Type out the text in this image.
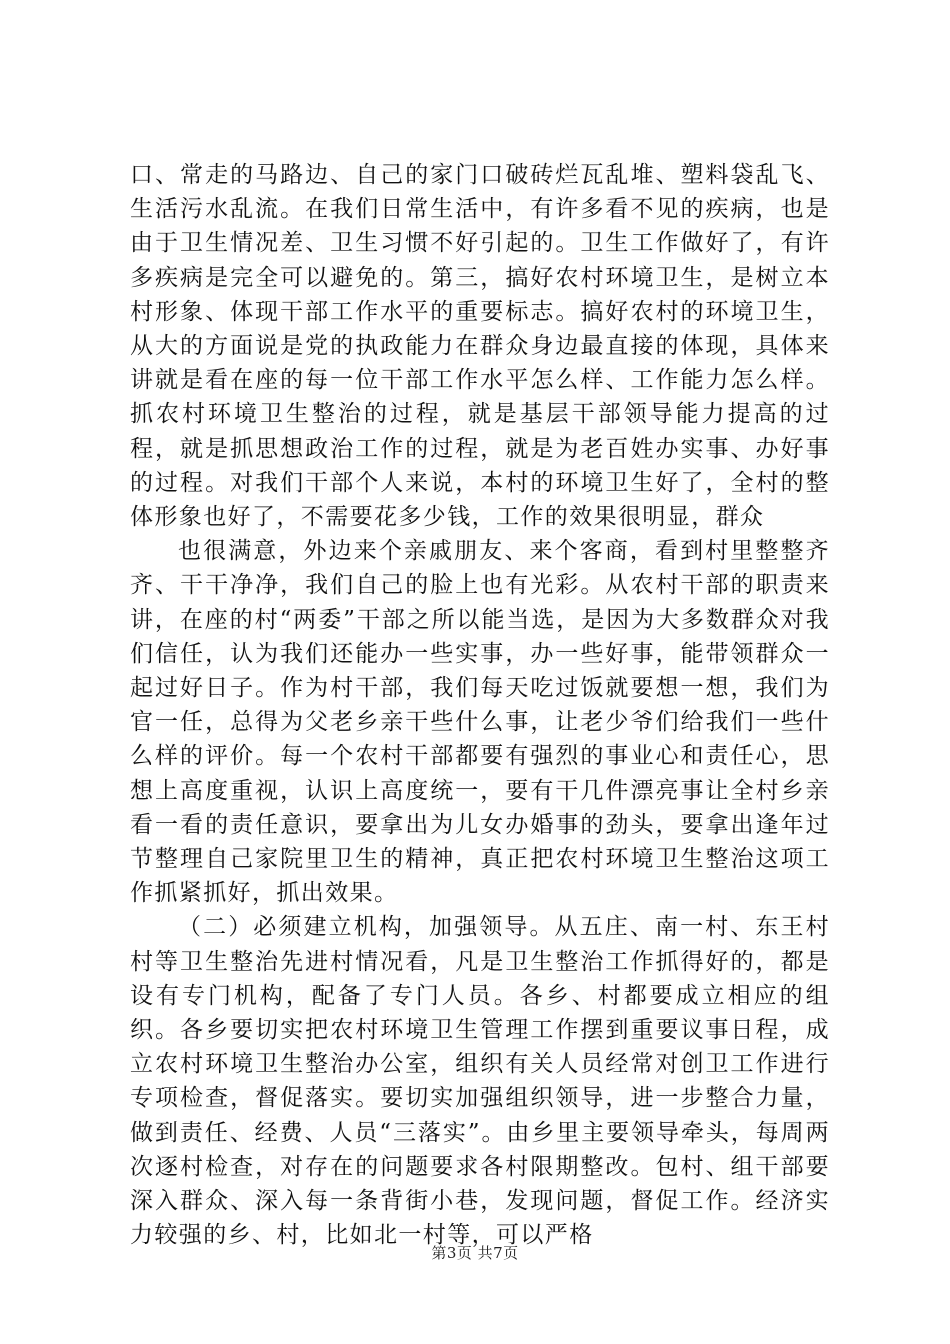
口、常走的马路边、自己的家门口破砖烂瓦乱堆、塑料袋乱飞、生活污水乱流。在我们日常生活中，有许多看不见的疾病，也是由于卫生情况差、卫生习惯不好引起的。卫生工作做好了，有许多疾病是完全可以避免的。第三，搞好农村环境卫生，是树立本村形象、体现干部工作水平的重要标志。搞好农村的环境卫生，从大的方面说是党的执政能力在群众身边最直接的体现，具体来讲就是看在座的每一位干部工作水平怎么样、工作能力怎么样。抓农村环境卫生整治的过程，就是基层干部领导能力提高的过程，就是抓思想政治工作的过程，就是为老百姓办实事、办好事的过程。对我们干部个人来说，本村的环境卫生好了，全村的整体形象也好了，不需要花多少钱，工作的效果很明显，群众

也很满意，外边来个亲戚朋友、来个客商，看到村里整整齐齐、干干净净，我们自己的脸上也有光彩。从农村干部的职责来讲，在座的村“两委”干部之所以能当选，是因为大多数群众对我们信任，认为我们还能办一些实事，办一些好事，能带领群众一起过好日子。作为村干部，我们每天吃过饭就要想一想，我们为官一任，总得为父老乡亲干些什么事，让老少爷们给我们一些什么样的评价。每一个农村干部都要有强烈的事业心和责任心，思想上高度重视，认识上高度统一，要有干几件漂亮事让全村乡亲看一看的责任意识，要拿出为儿女办婚事的劲头，要拿出逢年过节整理自己家院里卫生的精神，真正把农村环境卫生整治这项工作抓紧抓好，抓出效果。

（二）必须建立机构，加强领导。从五庄、南一村、东王村村等卫生整治先进村情况看，凡是卫生整治工作抓得好的，都是设有专门机构，配备了专门人员。各乡、村都要成立相应的组织。各乡要切实把农村环境卫生管理工作摆到重要议事日程，成立农村环境卫生整治办公室，组织有关人员经常对创卫工作进行专项检查，督促落实。要切实加强组织领导，进一步整合力量，做到责任、经费、人员“三落实”。由乡里主要领导牵头，每周两次逐村检查，对存在的问题要求各村限期整改。包村、组干部要深入群众、深入每一条背街小巷，发现问题，督促工作。经济实力较强的乡、村，比如北一村等，可以严格

第3页 共7页
